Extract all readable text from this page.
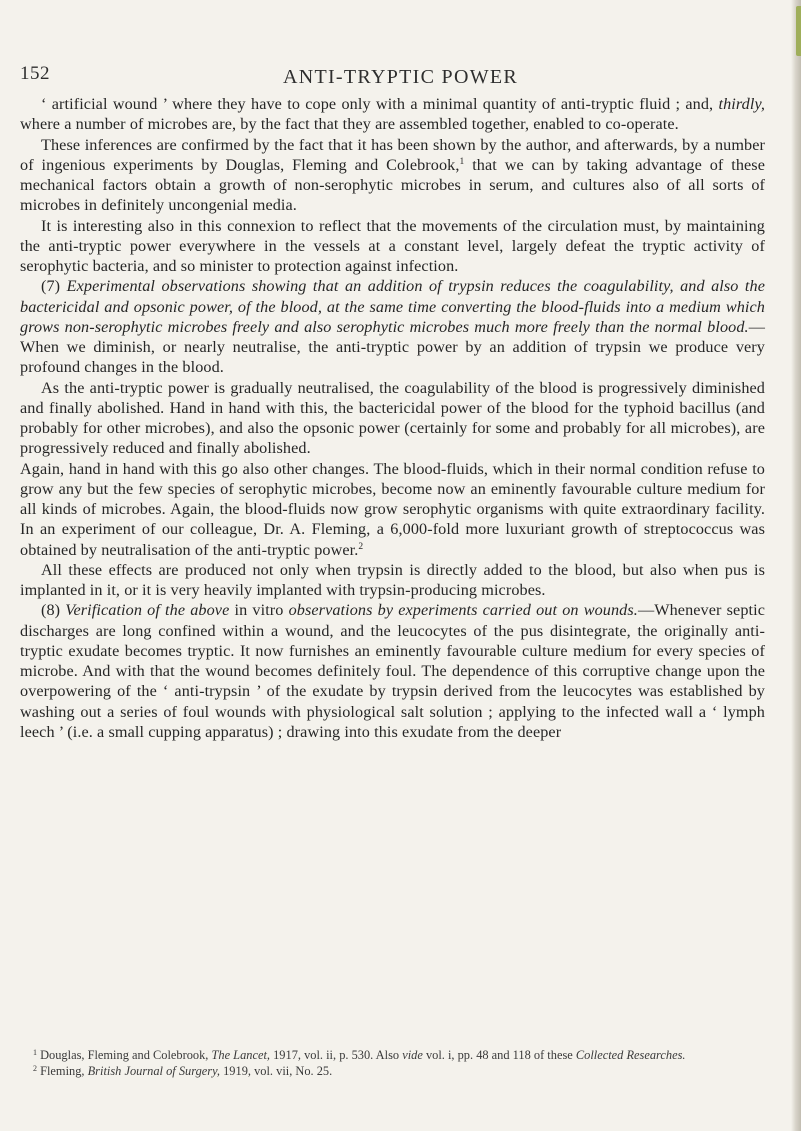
152	ANTI-TRYPTIC POWER

‘ artificial wound ’ where they have to cope only with a minimal quantity of anti-tryptic fluid ; and, thirdly, where a number of microbes are, by the fact that they are assembled together, enabled to co-operate.

These inferences are confirmed by the fact that it has been shown by the author, and afterwards, by a number of ingenious experiments by Douglas, Fleming and Colebrook,$^1$ that we can by taking advantage of these mechanical factors obtain a growth of non-serophytic microbes in serum, and cultures also of all sorts of microbes in definitely uncongenial media.

It is interesting also in this connexion to reflect that the movements of the circulation must, by maintaining the anti-tryptic power everywhere in the vessels at a constant level, largely defeat the tryptic activity of serophytic bacteria, and so minister to protection against infection.

(7) Experimental observations showing that an addition of trypsin reduces the coagulability, and also the bactericidal and opsonic power, of the blood, at the same time converting the blood-fluids into a medium which grows non-serophytic microbes freely and also serophytic microbes much more freely than the normal blood.—When we diminish, or nearly neutralise, the anti-tryptic power by an addition of trypsin we produce very profound changes in the blood.

As the anti-tryptic power is gradually neutralised, the coagulability of the blood is progressively diminished and finally abolished. Hand in hand with this, the bactericidal power of the blood for the typhoid bacillus (and probably for other microbes), and also the opsonic power (certainly for some and probably for all microbes), are progressively reduced and finally abolished.

Again, hand in hand with this go also other changes. The blood-fluids, which in their normal condition refuse to grow any but the few species of serophytic microbes, become now an eminently favourable culture medium for all kinds of microbes. Again, the blood-fluids now grow serophytic organisms with quite extraordinary facility. In an experiment of our colleague, Dr. A. Fleming, a 6,000-fold more luxuriant growth of streptococcus was obtained by neutralisation of the anti-tryptic power.$^2$

All these effects are produced not only when trypsin is directly added to the blood, but also when pus is implanted in it, or it is very heavily implanted with trypsin-producing microbes.

(8) Verification of the above in vitro observations by experiments carried out on wounds.—Whenever septic discharges are long confined within a wound, and the leucocytes of the pus disintegrate, the originally anti-tryptic exudate becomes tryptic. It now furnishes an eminently favourable culture medium for every species of microbe. And with that the wound becomes definitely foul. The dependence of this corruptive change upon the overpowering of the ‘ anti-trypsin ’ of the exudate by trypsin derived from the leucocytes was established by washing out a series of foul wounds with physiological salt solution ; applying to the infected wall a ‘ lymph leech ’ (i.e. a small cupping apparatus) ; drawing into this exudate from the deeper

$^1$ Douglas, Fleming and Colebrook, The Lancet, 1917, vol. ii, p. 530. Also vide vol. i, pp. 48 and 118 of these Collected Researches.

$^2$ Fleming, British Journal of Surgery, 1919, vol. vii, No. 25.
